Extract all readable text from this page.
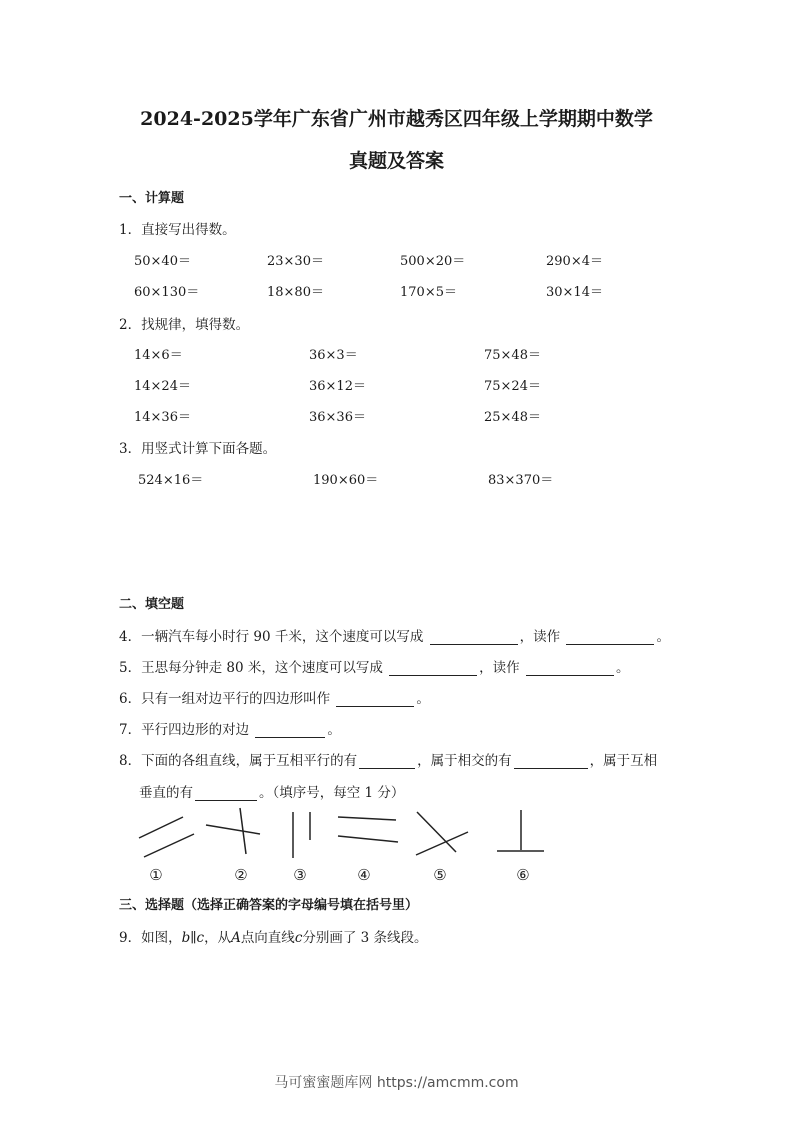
2024-2025学年广东省广州市越秀区四年级上学期期中数学
真题及答案
一、计算题
1．直接写出得数。
50×40＝	23×30＝	500×20＝	290×4＝
60×130＝	18×80＝	170×5＝	30×14＝
2．找规律，填得数。
14×6＝	36×3＝	75×48＝
14×24＝	36×12＝	75×24＝
14×36＝	36×36＝	25×48＝
3．用竖式计算下面各题。
524×16＝	190×60＝	83×370＝
二、填空题
4．一辆汽车每小时行 90 千米，这个速度可以写成	，读作	。
5．王思每分钟走 80 米，这个速度可以写成	，读作	。
6．只有一组对边平行的四边形叫作	。
7．平行四边形的对边	。
8．下面的各组直线，属于互相平行的有	，属于相交的有	，属于互相
垂直的有	。（填序号，每空 1 分）
①	②	③	④	⑤	⑥
三、选择题（选择正确答案的字母编号填在括号里）
9．如图，b∥c，从A点向直线c分别画了 3 条线段。
马可蜜蜜题库网 https://amcmm.com
